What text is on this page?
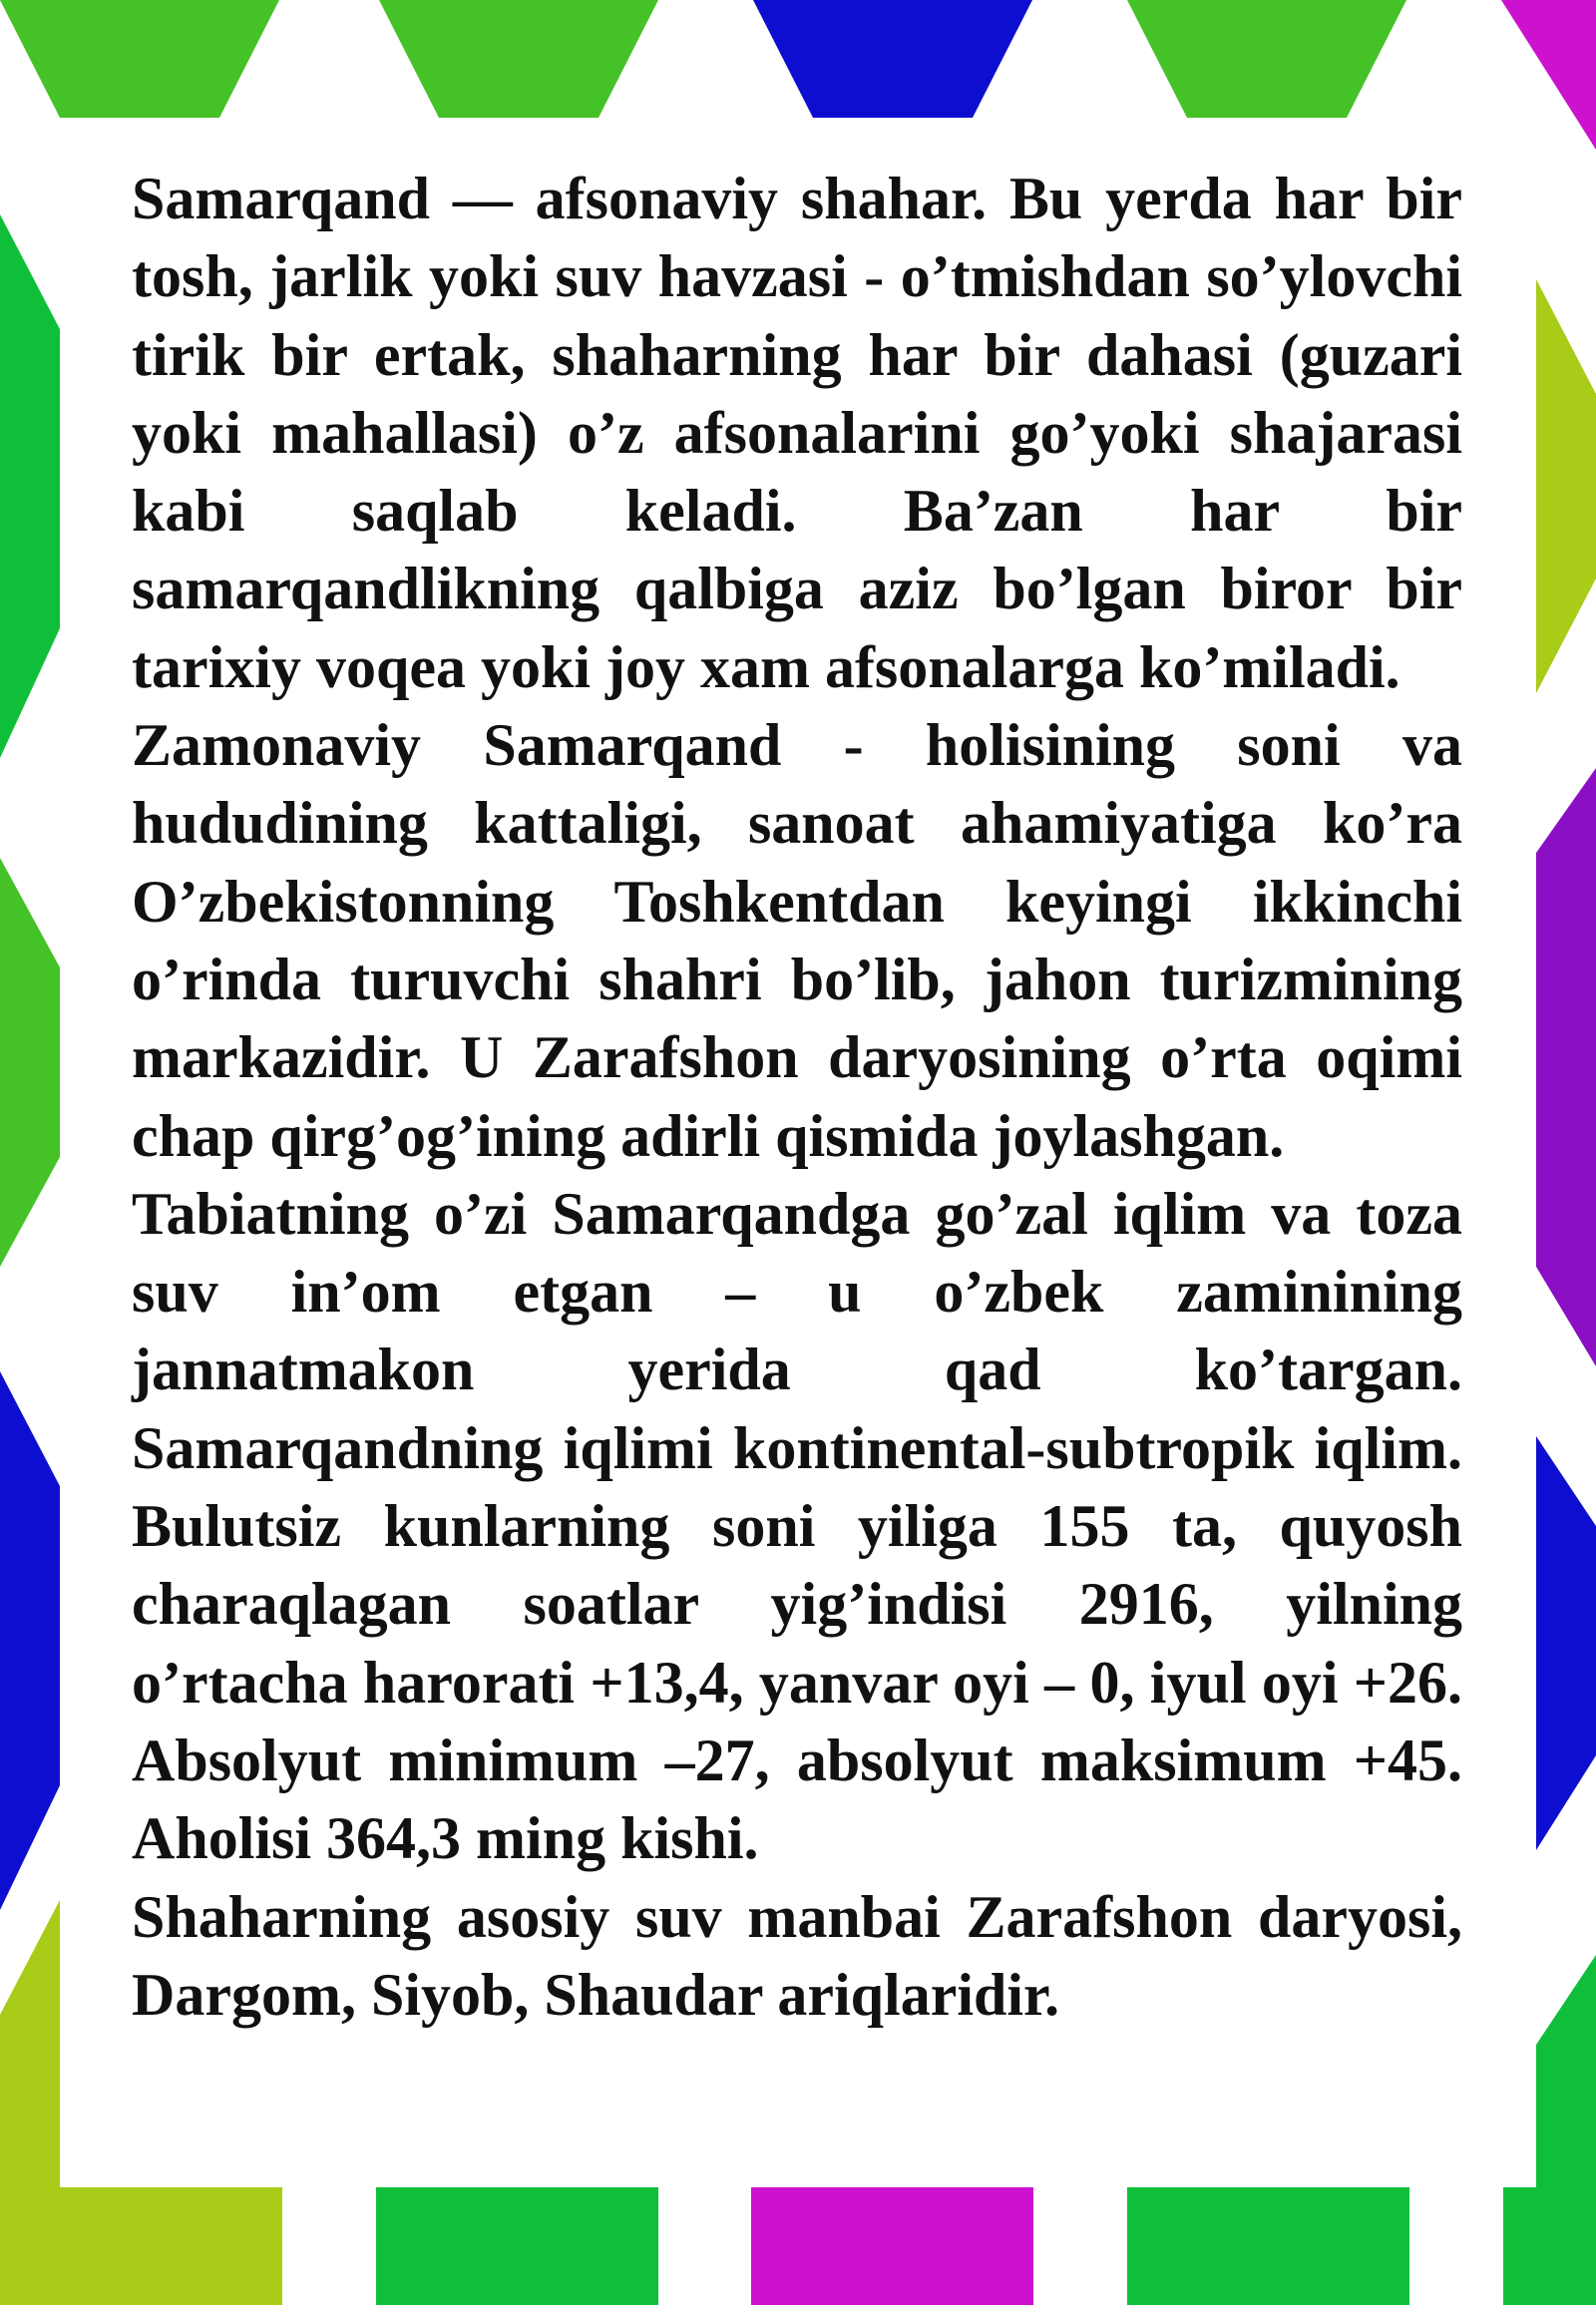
Samarqand — afsonaviy shahar. Bu yerda har bir tosh, jarlik yoki suv havzasi - o’tmishdan so’ylovchi tirik bir ertak, shaharning har bir dahasi (guzari yoki mahallasi) o’z afsonalarini go’yoki shajarasi kabi saqlab keladi. Ba’zan har bir samarqandlikning qalbiga aziz bo’lgan biror bir tarixiy voqea yoki joy xam afsonalarga ko’miladi.

Zamonaviy Samarqand - holisining soni va hududining kattaligi, sanoat ahamiyatiga ko’ra O’zbekistonning Toshkentdan keyingi ikkinchi o’rinda turuvchi shahri bo’lib, jahon turizmining markazidir. U Zarafshon daryosining o’rta oqimi chap qirg’og’ining adirli qismida joylashgan.

Tabiatning o’zi Samarqandga go’zal iqlim va toza suv in’om etgan – u o’zbek zaminining jannatmakon yerida qad ko’targan. Samarqandning iqlimi kontinental-subtropik iqlim. Bulutsiz kunlarning soni yiliga 155 ta, quyosh charaqlagan soatlar yig’indisi 2916, yilning o’rtacha harorati +13,4, yanvar oyi – 0, iyul oyi +26. Absolyut minimum –27, absolyut maksimum +45. Aholisi 364,3 ming kishi.

Shaharning asosiy suv manbai Zarafshon daryosi, Dargom, Siyob, Shaudar ariqlaridir.
